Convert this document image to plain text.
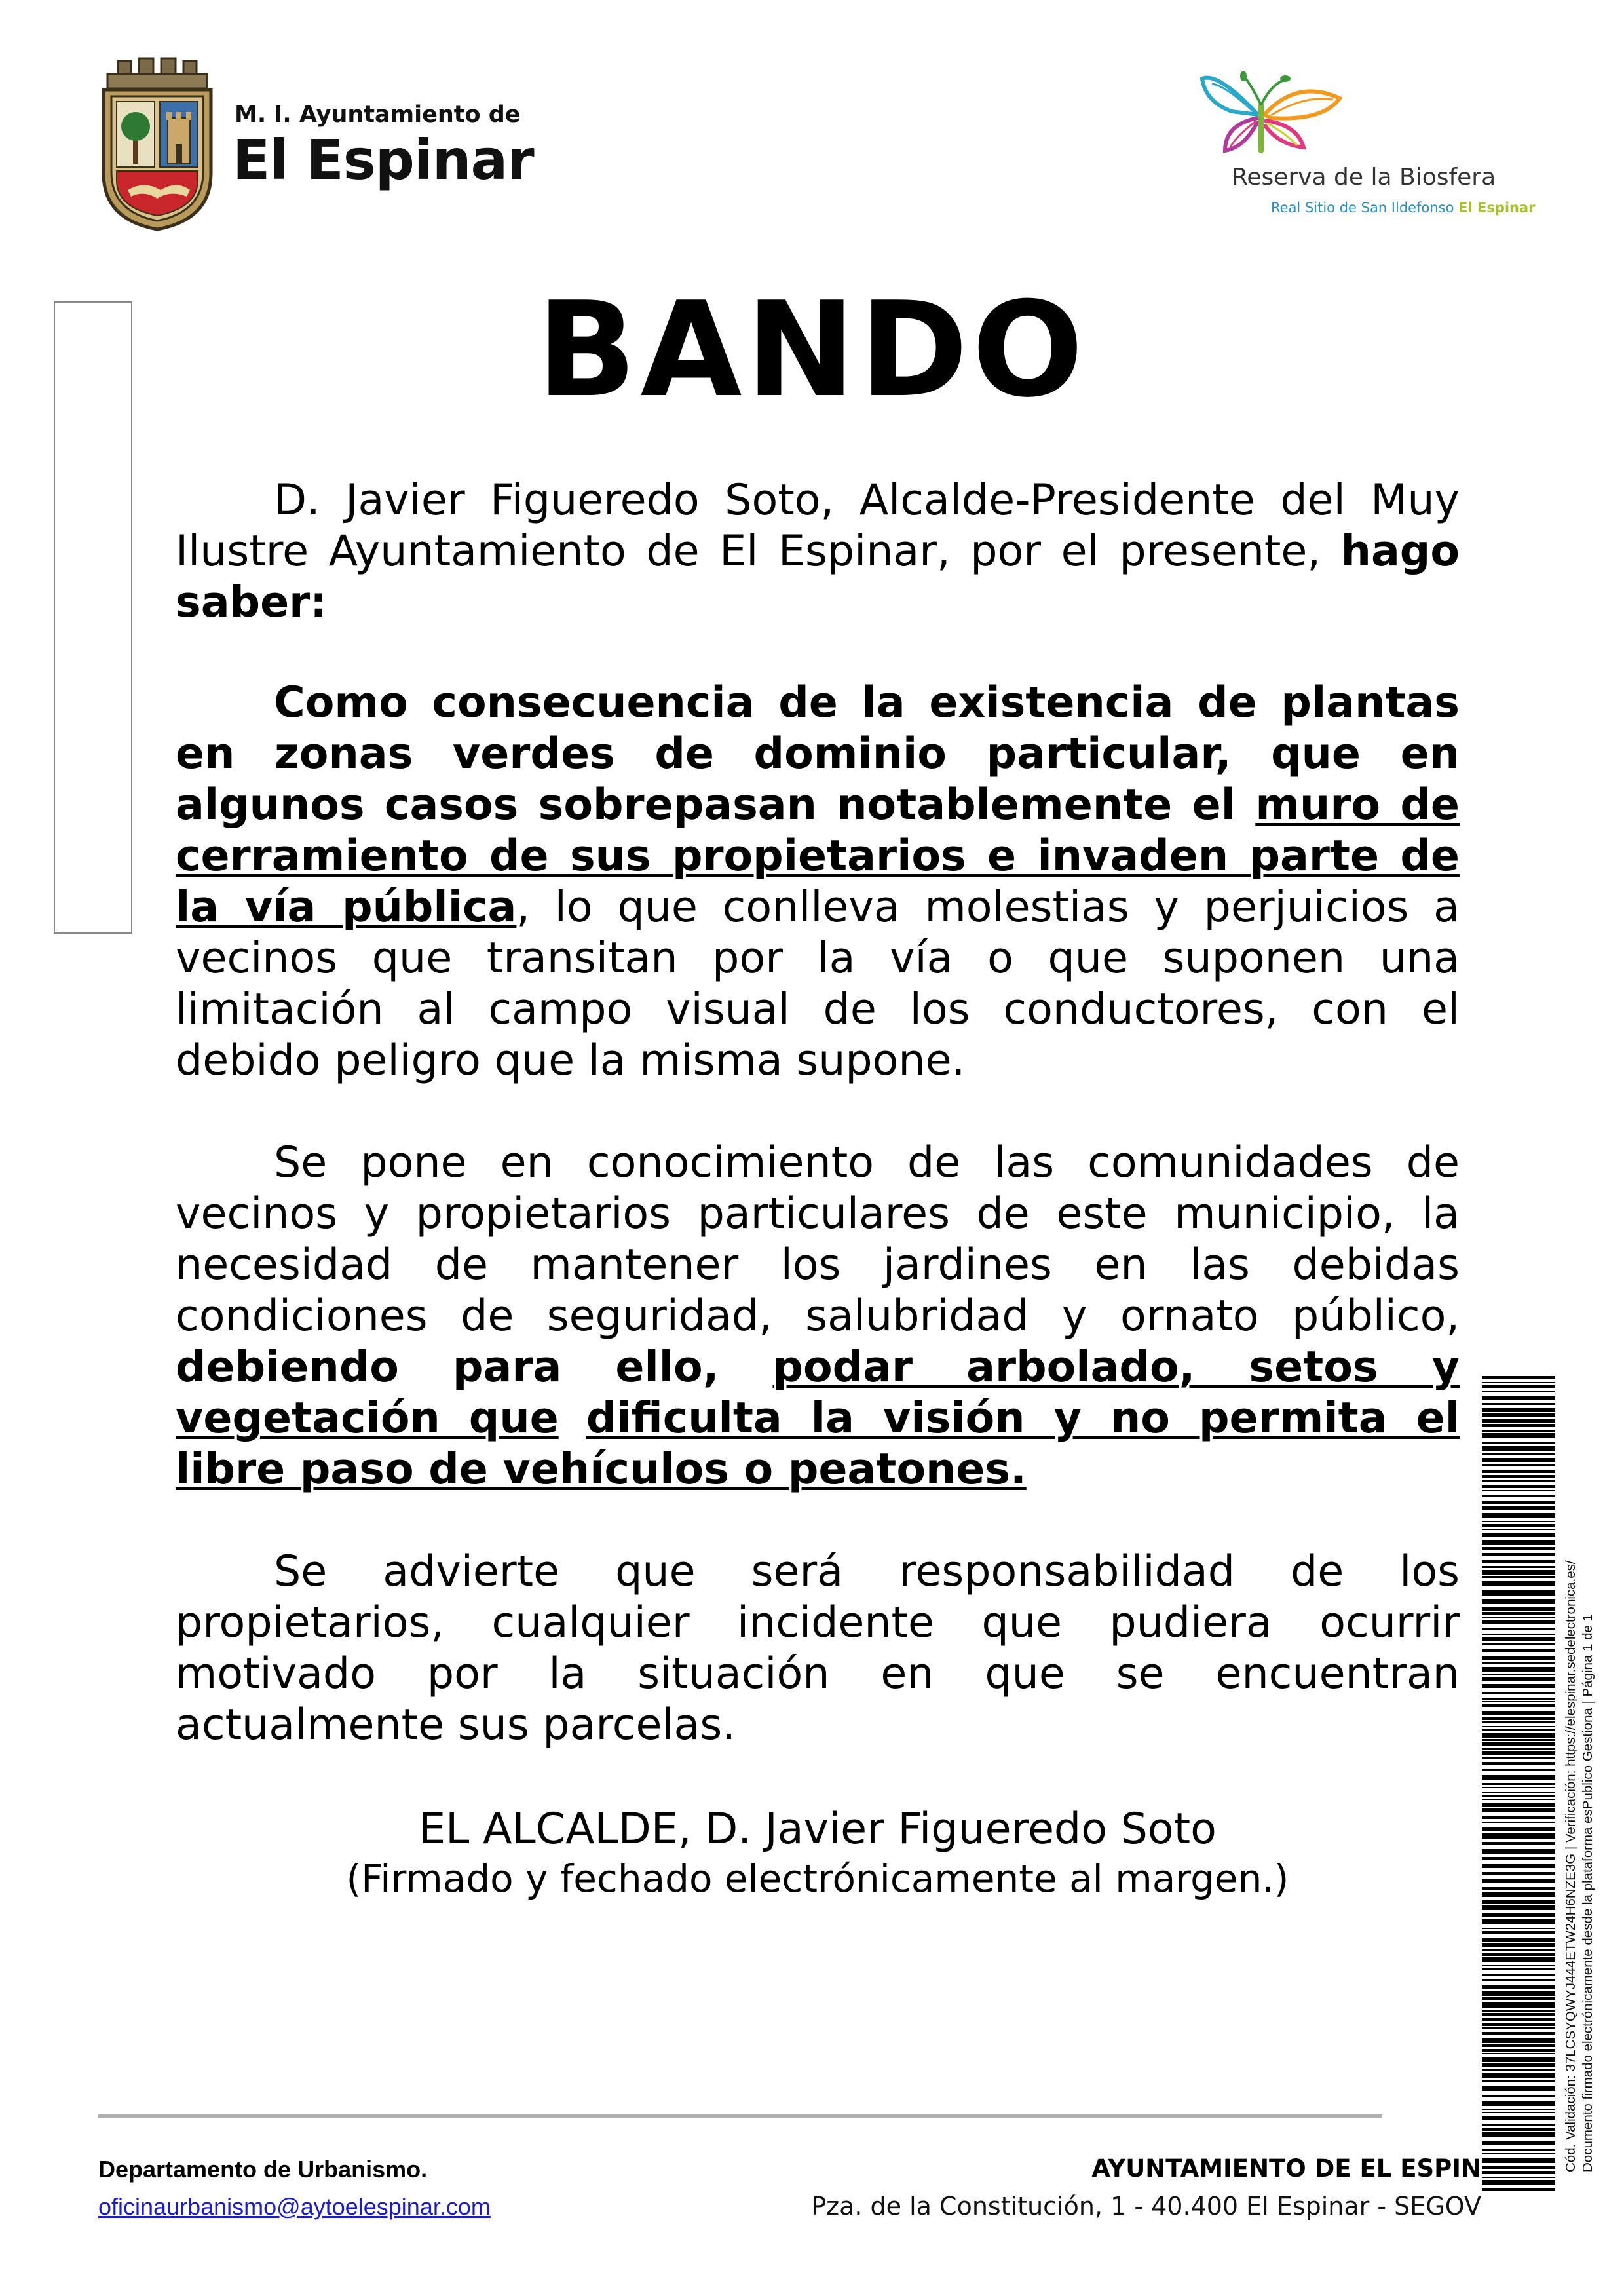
M. I. Ayuntamiento de
El Espinar	Reserva de la Biosfera
Real Sitio de San Ildefonso El Espinar
BANDO

D. Javier Figueredo Soto, Alcalde-Presidente del Muy Ilustre Ayuntamiento de El Espinar, por el presente, hago saber:

Como consecuencia de la existencia de plantas en zonas verdes de dominio particular, que en algunos casos sobrepasan notablemente el muro de cerramiento de sus propietarios e invaden parte de la vía pública, lo que conlleva molestias y perjuicios a vecinos que transitan por la vía o que suponen una limitación al campo visual de los conductores, con el debido peligro que la misma supone.

Se pone en conocimiento de las comunidades de vecinos y propietarios particulares de este municipio, la necesidad de mantener los jardines en las debidas condiciones de seguridad, salubridad y ornato público, debiendo para ello, podar arbolado, setos y vegetación que dificulta la visión y no permita el libre paso de vehículos o peatones.

Se advierte que será responsabilidad de los propietarios, cualquier incidente que pudiera ocurrir motivado por la situación en que se encuentran actualmente sus parcelas.

EL ALCALDE, D. Javier Figueredo Soto
(Firmado y fechado electrónicamente al margen.)
Departamento de Urbanismo.
oficinaurbanismo@aytoelespinar.com
AYUNTAMIENTO DE EL ESPIN
Pza. de la Constitución, 1 - 40.400 El Espinar - SEGOV
Cód. Validación: 37LCSYQWYJ444ETW24H6NZE3G | Verificación: https://elespinar.sedelectronica.es/ Documento firmado electrónicamente desde la plataforma esPublico Gestiona | Página 1 de 1
